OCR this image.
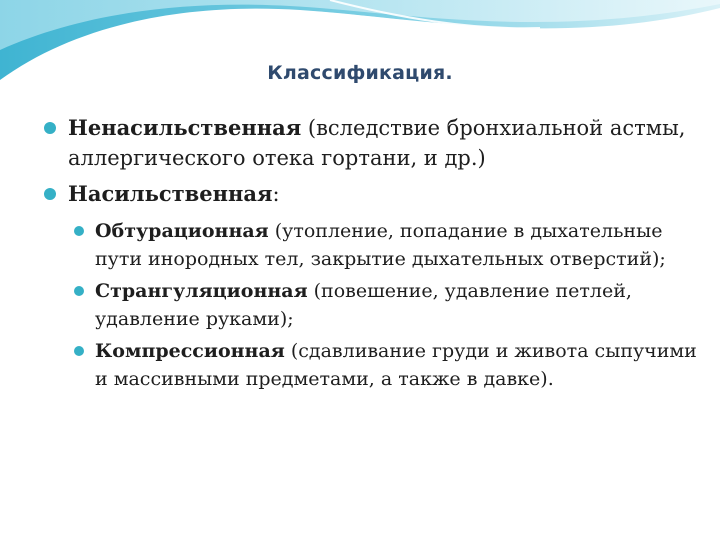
Классификация.
Ненасильственная (вследствие бронхиальной астмы, аллергического отека гортани, и др.)
Насильственная:
Обтурационная (утопление, попадание в дыхательные пути инородных тел, закрытие дыхательных отверстий);
Странгуляционная (повешение, удавление петлей, удавление руками);
Компрессионная (сдавливание груди и живота сыпучими и массивными предметами, а также в давке).
